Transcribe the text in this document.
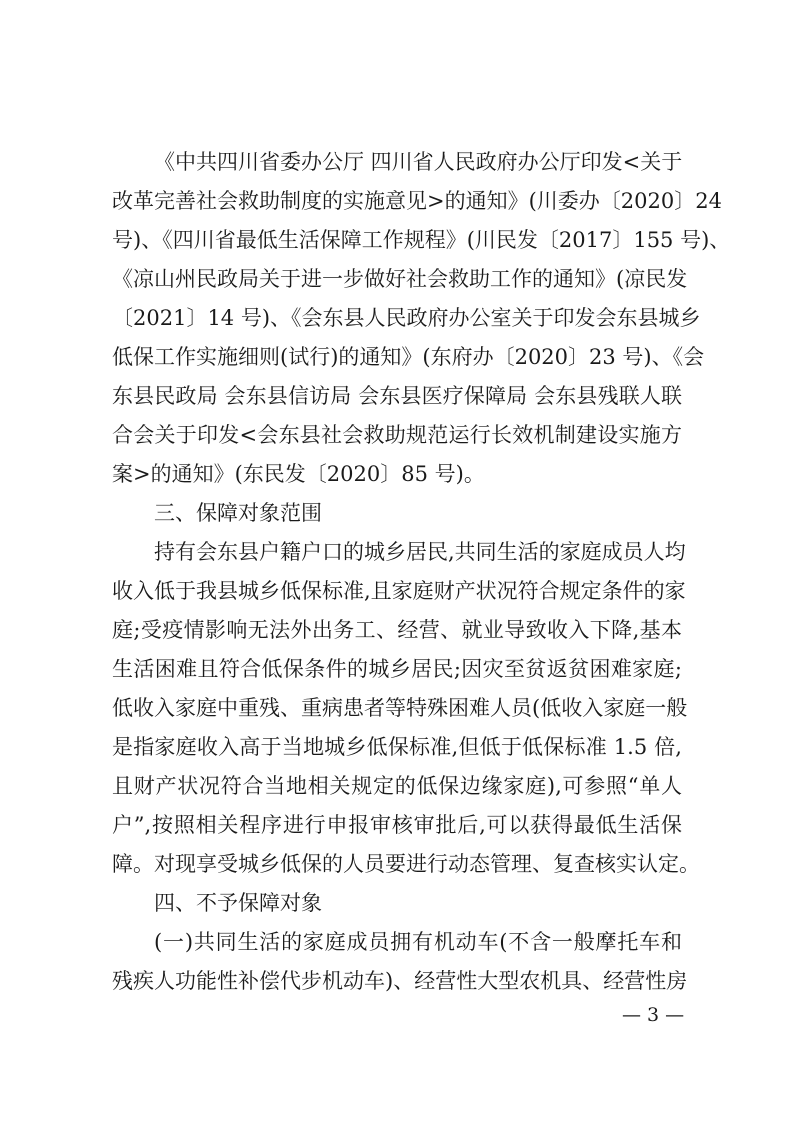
《中共四川省委办公厅 四川省人民政府办公厅印发<关于
改革完善社会救助制度的实施意见>的通知》(川委办〔2020〕24
号)、《四川省最低生活保障工作规程》(川民发〔2017〕155 号)、
《凉山州民政局关于进一步做好社会救助工作的通知》(凉民发
〔2021〕14 号)、《会东县人民政府办公室关于印发会东县城乡
低保工作实施细则(试行)的通知》(东府办〔2020〕23 号)、《会
东县民政局 会东县信访局 会东县医疗保障局 会东县残联人联
合会关于印发<会东县社会救助规范运行长效机制建设实施方
案>的通知》(东民发〔2020〕85 号)。
三、保障对象范围
持有会东县户籍户口的城乡居民,共同生活的家庭成员人均
收入低于我县城乡低保标准,且家庭财产状况符合规定条件的家
庭;受疫情影响无法外出务工、经营、就业导致收入下降,基本
生活困难且符合低保条件的城乡居民;因灾至贫返贫困难家庭;
低收入家庭中重残、重病患者等特殊困难人员(低收入家庭一般
是指家庭收入高于当地城乡低保标准,但低于低保标准 1.5 倍,
且财产状况符合当地相关规定的低保边缘家庭),可参照“单人
户”,按照相关程序进行申报审核审批后,可以获得最低生活保
障。对现享受城乡低保的人员要进行动态管理、复查核实认定。
四、不予保障对象
(一)共同生活的家庭成员拥有机动车(不含一般摩托车和
残疾人功能性补偿代步机动车)、经营性大型农机具、经营性房
— 3 —
